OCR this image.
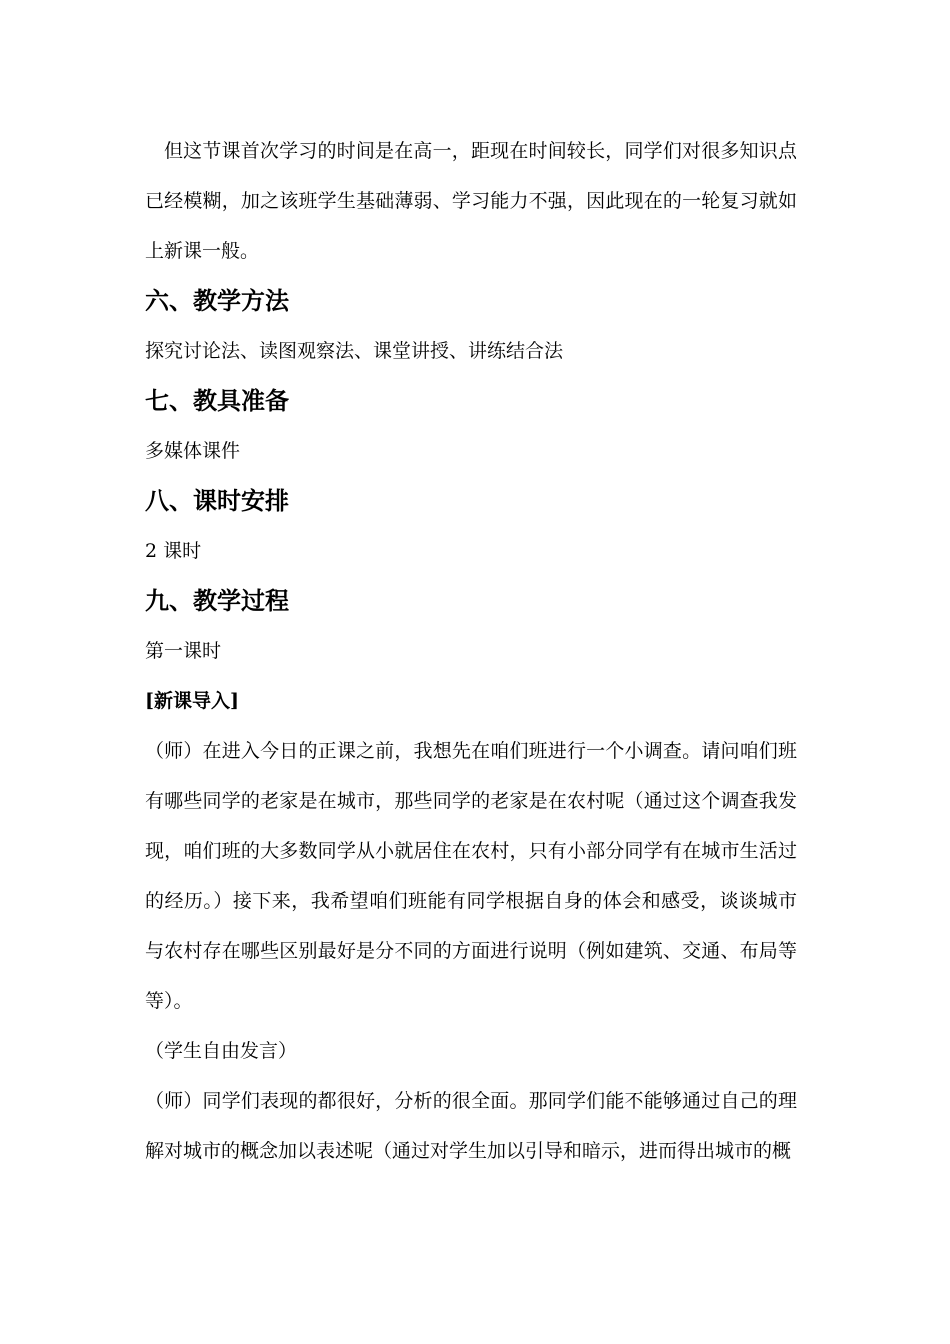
但这节课首次学习的时间是在高一，距现在时间较长，同学们对很多知识点已经模糊，加之该班学生基础薄弱、学习能力不强，因此现在的一轮复习就如上新课一般。

六、教学方法

探究讨论法、读图观察法、课堂讲授、讲练结合法

七、教具准备

多媒体课件

八、课时安排

2 课时

九、教学过程

第一课时

[新课导入]

（师）在进入今日的正课之前，我想先在咱们班进行一个小调查。请问咱们班有哪些同学的老家是在城市，那些同学的老家是在农村呢（通过这个调查我发现，咱们班的大多数同学从小就居住在农村，只有小部分同学有在城市生活过的经历。）接下来，我希望咱们班能有同学根据自身的体会和感受，谈谈城市与农村存在哪些区别最好是分不同的方面进行说明（例如建筑、交通、布局等等）。

（学生自由发言）

（师）同学们表现的都很好，分析的很全面。那同学们能不能够通过自己的理解对城市的概念加以表述呢（通过对学生加以引导和暗示，进而得出城市的概
